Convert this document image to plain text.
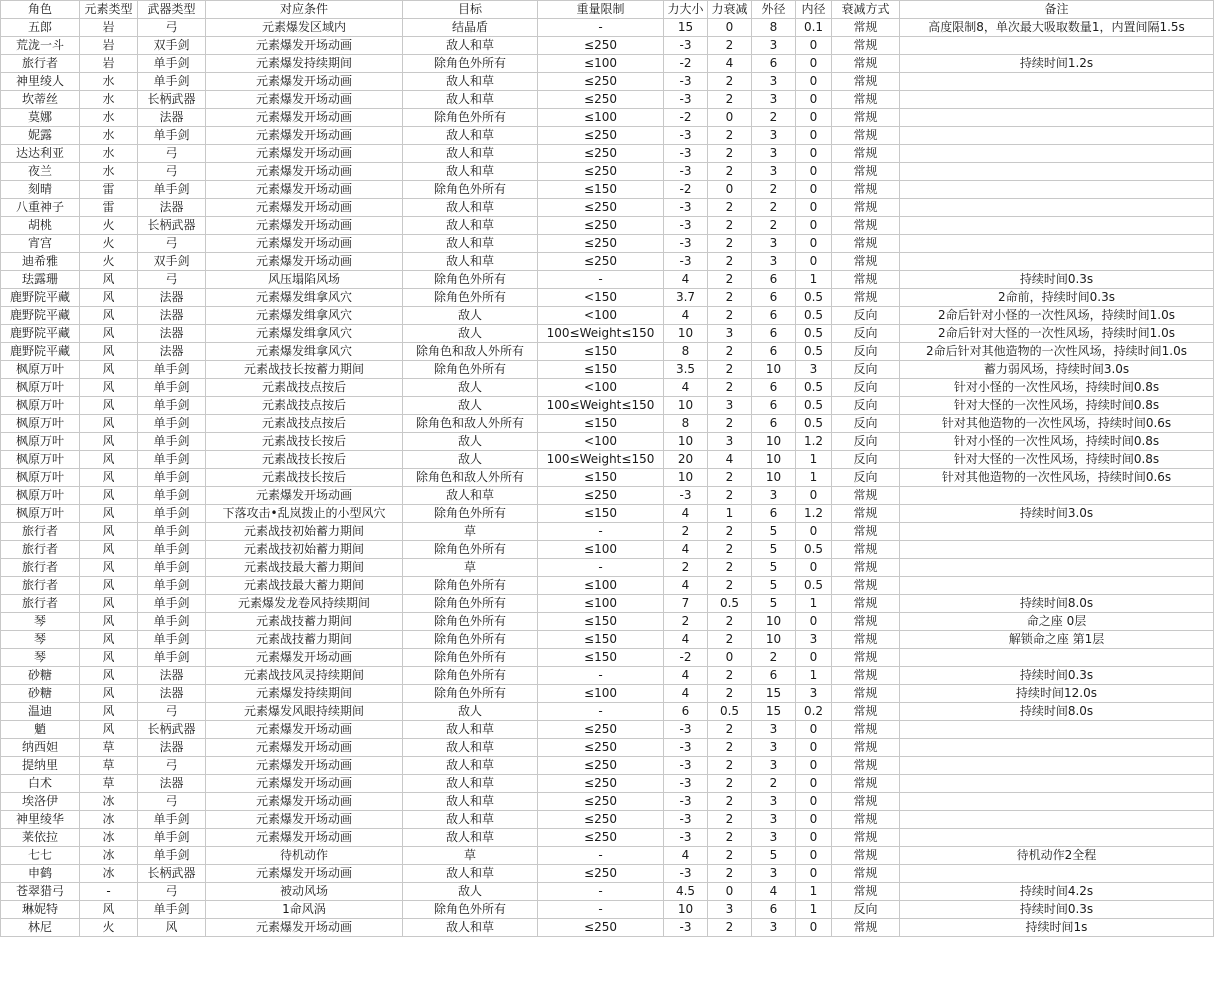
角色	元素类型	武器类型	对应条件	目标	重量限制	力大小	力衰减	外径	内径	衰减方式	备注
五郎	岩	弓	元素爆发区域内	结晶盾	-	15	0	8	0.1	常规	高度限制8，单次最大吸取数量1，内置间隔1.5s
荒泷一斗	岩	双手剑	元素爆发开场动画	敌人和草	≤250	-3	2	3	0	常规	
旅行者	岩	单手剑	元素爆发持续期间	除角色外所有	≤100	-2	4	6	0	常规	持续时间1.2s
神里绫人	水	单手剑	元素爆发开场动画	敌人和草	≤250	-3	2	3	0	常规	
坎蒂丝	水	长柄武器	元素爆发开场动画	敌人和草	≤250	-3	2	3	0	常规	
莫娜	水	法器	元素爆发开场动画	除角色外所有	≤100	-2	0	2	0	常规	
妮露	水	单手剑	元素爆发开场动画	敌人和草	≤250	-3	2	3	0	常规	
达达利亚	水	弓	元素爆发开场动画	敌人和草	≤250	-3	2	3	0	常规	
夜兰	水	弓	元素爆发开场动画	敌人和草	≤250	-3	2	3	0	常规	
刻晴	雷	单手剑	元素爆发开场动画	除角色外所有	≤150	-2	0	2	0	常规	
八重神子	雷	法器	元素爆发开场动画	敌人和草	≤250	-3	2	2	0	常规	
胡桃	火	长柄武器	元素爆发开场动画	敌人和草	≤250	-3	2	2	0	常规	
宵宫	火	弓	元素爆发开场动画	敌人和草	≤250	-3	2	3	0	常规	
迪希雅	火	双手剑	元素爆发开场动画	敌人和草	≤250	-3	2	3	0	常规	
珐露珊	风	弓	风压塌陷风场	除角色外所有	-	4	2	6	1	常规	持续时间0.3s
鹿野院平藏	风	法器	元素爆发缉拿风穴	除角色外所有	<150	3.7	2	6	0.5	常规	2命前，持续时间0.3s
鹿野院平藏	风	法器	元素爆发缉拿风穴	敌人	<100	4	2	6	0.5	反向	2命后针对小怪的一次性风场，持续时间1.0s
鹿野院平藏	风	法器	元素爆发缉拿风穴	敌人	100≤Weight≤150	10	3	6	0.5	反向	2命后针对大怪的一次性风场，持续时间1.0s
鹿野院平藏	风	法器	元素爆发缉拿风穴	除角色和敌人外所有	≤150	8	2	6	0.5	反向	2命后针对其他造物的一次性风场，持续时间1.0s
枫原万叶	风	单手剑	元素战技长按蓄力期间	除角色外所有	≤150	3.5	2	10	3	反向	蓄力弱风场，持续时间3.0s
枫原万叶	风	单手剑	元素战技点按后	敌人	<100	4	2	6	0.5	反向	针对小怪的一次性风场，持续时间0.8s
枫原万叶	风	单手剑	元素战技点按后	敌人	100≤Weight≤150	10	3	6	0.5	反向	针对大怪的一次性风场，持续时间0.8s
枫原万叶	风	单手剑	元素战技点按后	除角色和敌人外所有	≤150	8	2	6	0.5	反向	针对其他造物的一次性风场，持续时间0.6s
枫原万叶	风	单手剑	元素战技长按后	敌人	<100	10	3	10	1.2	反向	针对小怪的一次性风场，持续时间0.8s
枫原万叶	风	单手剑	元素战技长按后	敌人	100≤Weight≤150	20	4	10	1	反向	针对大怪的一次性风场，持续时间0.8s
枫原万叶	风	单手剑	元素战技长按后	除角色和敌人外所有	≤150	10	2	10	1	反向	针对其他造物的一次性风场，持续时间0.6s
枫原万叶	风	单手剑	元素爆发开场动画	敌人和草	≤250	-3	2	3	0	常规	
枫原万叶	风	单手剑	下落攻击•乱岚拨止的小型风穴	除角色外所有	≤150	4	1	6	1.2	常规	持续时间3.0s
旅行者	风	单手剑	元素战技初始蓄力期间	草	-	2	2	5	0	常规	
旅行者	风	单手剑	元素战技初始蓄力期间	除角色外所有	≤100	4	2	5	0.5	常规	
旅行者	风	单手剑	元素战技最大蓄力期间	草	-	2	2	5	0	常规	
旅行者	风	单手剑	元素战技最大蓄力期间	除角色外所有	≤100	4	2	5	0.5	常规	
旅行者	风	单手剑	元素爆发龙卷风持续期间	除角色外所有	≤100	7	0.5	5	1	常规	持续时间8.0s
琴	风	单手剑	元素战技蓄力期间	除角色外所有	≤150	2	2	10	0	常规	命之座 0层
琴	风	单手剑	元素战技蓄力期间	除角色外所有	≤150	4	2	10	3	常规	解锁命之座 第1层
琴	风	单手剑	元素爆发开场动画	除角色外所有	≤150	-2	0	2	0	常规	
砂糖	风	法器	元素战技风灵持续期间	除角色外所有	-	4	2	6	1	常规	持续时间0.3s
砂糖	风	法器	元素爆发持续期间	除角色外所有	≤100	4	2	15	3	常规	持续时间12.0s
温迪	风	弓	元素爆发风眼持续期间	敌人	-	6	0.5	15	0.2	常规	持续时间8.0s
魈	风	长柄武器	元素爆发开场动画	敌人和草	≤250	-3	2	3	0	常规	
纳西妲	草	法器	元素爆发开场动画	敌人和草	≤250	-3	2	3	0	常规	
提纳里	草	弓	元素爆发开场动画	敌人和草	≤250	-3	2	3	0	常规	
白术	草	法器	元素爆发开场动画	敌人和草	≤250	-3	2	2	0	常规	
埃洛伊	冰	弓	元素爆发开场动画	敌人和草	≤250	-3	2	3	0	常规	
神里绫华	冰	单手剑	元素爆发开场动画	敌人和草	≤250	-3	2	3	0	常规	
莱依拉	冰	单手剑	元素爆发开场动画	敌人和草	≤250	-3	2	3	0	常规	
七七	冰	单手剑	待机动作	草	-	4	2	5	0	常规	待机动作2全程
申鹤	冰	长柄武器	元素爆发开场动画	敌人和草	≤250	-3	2	3	0	常规	
苍翠猎弓	-	弓	被动风场	敌人	-	4.5	0	4	1	常规	持续时间4.2s
琳妮特	风	单手剑	1命风涡	除角色外所有	-	10	3	6	1	反向	持续时间0.3s
林尼	火	风	元素爆发开场动画	敌人和草	≤250	-3	2	3	0	常规	持续时间1s
